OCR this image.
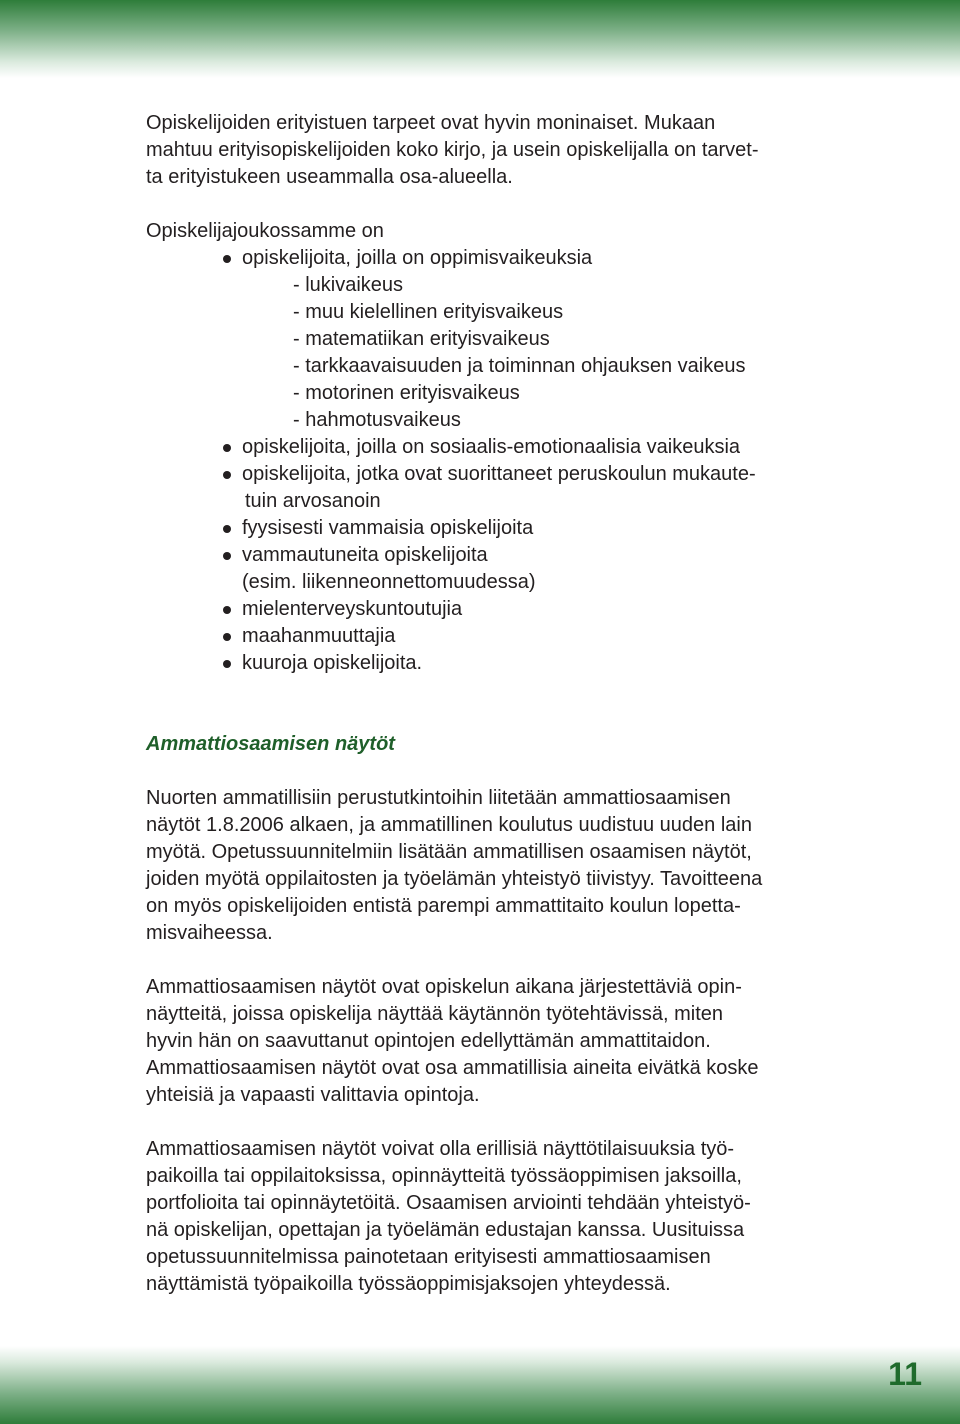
Opiskelijoiden erityistuen tarpeet ovat hyvin moninaiset. Mukaan
mahtuu erityisopiskelijoiden koko kirjo, ja usein opiskelijalla on tarvet-
ta erityistukeen useammalla osa-alueella.

Opiskelijajoukossamme on
opiskelijoita, joilla on oppimisvaikeuksia
- lukivaikeus
- muu kielellinen erityisvaikeus
- matematiikan erityisvaikeus
- tarkkaavaisuuden ja toiminnan ohjauksen vaikeus
- motorinen erityisvaikeus
- hahmotusvaikeus
opiskelijoita, joilla on sosiaalis-emotionaalisia vaikeuksia
opiskelijoita, jotka ovat suorittaneet peruskoulun mukaute-
tuin arvosanoin
fyysisesti vammaisia opiskelijoita
vammautuneita opiskelijoita
(esim. liikenneonnettomuudessa)
mielenterveyskuntoutujia
maahanmuuttajia
kuuroja opiskelijoita.
Ammattiosaamisen näytöt

Nuorten ammatillisiin perustutkintoihin liitetään ammattiosaamisen
näytöt 1.8.2006 alkaen, ja ammatillinen koulutus uudistuu uuden lain
myötä. Opetussuunnitelmiin lisätään ammatillisen osaamisen näytöt,
joiden myötä oppilaitosten ja työelämän yhteistyö tiivistyy. Tavoitteena
on myös opiskelijoiden entistä parempi ammattitaito koulun lopetta-
misvaiheessa.

Ammattiosaamisen näytöt ovat opiskelun aikana järjestettäviä opin-
näytteitä, joissa opiskelija näyttää käytännön työtehtävissä, miten
hyvin hän on saavuttanut opintojen edellyttämän ammattitaidon.
Ammattiosaamisen näytöt ovat osa ammatillisia aineita eivätkä koske
yhteisiä ja vapaasti valittavia opintoja.

Ammattiosaamisen näytöt voivat olla erillisiä näyttötilaisuuksia työ-
paikoilla tai oppilaitoksissa, opinnäytteitä työssäoppimisen jaksoilla,
portfolioita tai opinnäytetöitä. Osaamisen arviointi tehdään yhteistyö-
nä opiskelijan, opettajan ja työelämän edustajan kanssa. Uusituissa
opetussuunnitelmissa painotetaan erityisesti ammattiosaamisen
näyttämistä työpaikoilla työssäoppimisjaksojen yhteydessä.

11
